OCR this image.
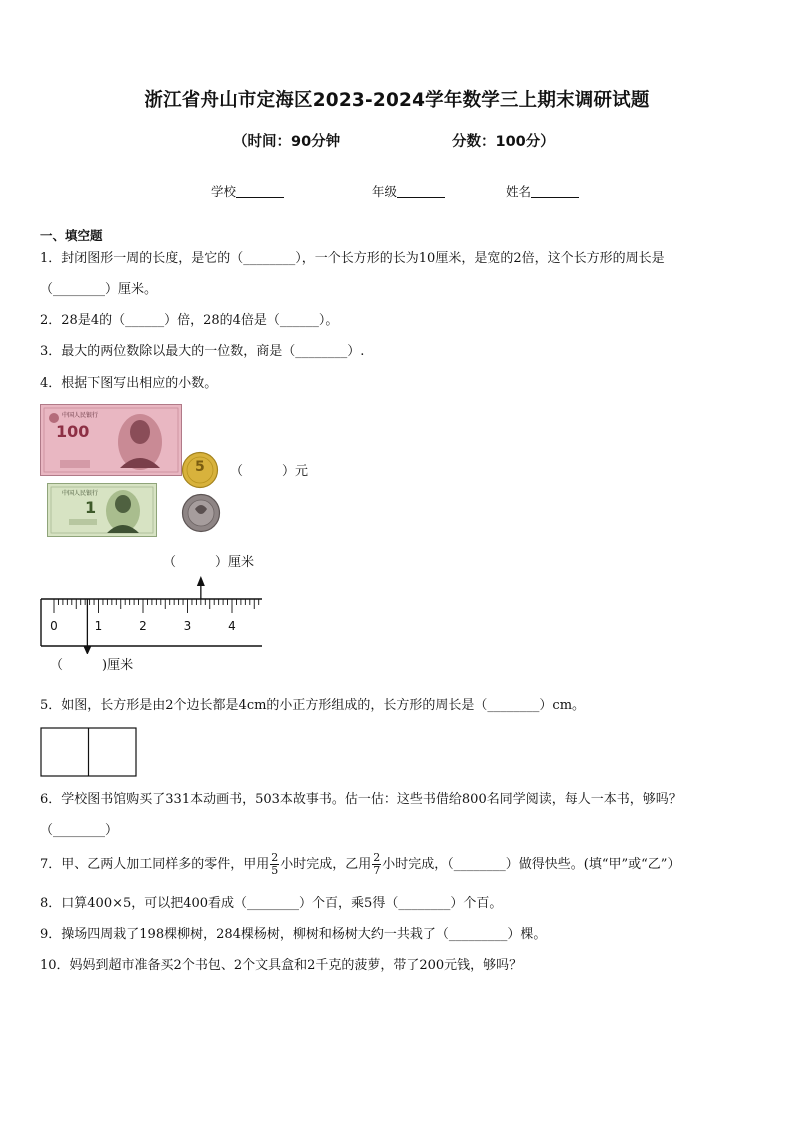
浙江省舟山市定海区2023-2024学年数学三上期末调研试题
（时间：90分钟	分数：100分）
学校	年级	姓名
一、填空题
1．封闭图形一周的长度，是它的（________），一个长方形的长为10厘米，是宽的2倍，这个长方形的周长是
（________）厘米。
2．28是4的（______）倍，28的4倍是（______）。
3．最大的两位数除以最大的一位数，商是（________）.
4．根据下图写出相应的小数。
中国人民银行
100
中国人民银行
1
5 （　　　）元
（　　　）厘米
0	1	2	3	4
（　　　)厘米
5．如图，长方形是由2个边长都是4cm的小正方形组成的，长方形的周长是（________）cm。
6．学校图书馆购买了331本动画书，503本故事书。估一估：这些书借给800名同学阅读，每人一本书，够吗？
（________）
7．甲、乙两人加工同样多的零件，甲用 $\frac{2}{5}$ 小时完成，乙用 $\frac{2}{7}$ 小时完成，（________）做得快些。(填“甲”或“乙”）
8．口算400×5，可以把400看成（________）个百，乘5得（________）个百。
9．操场四周栽了198棵柳树，284棵杨树，柳树和杨树大约一共栽了（_________）棵。
10．妈妈到超市准备买2个书包、2个文具盒和2千克的菠萝，带了200元钱，够吗？
